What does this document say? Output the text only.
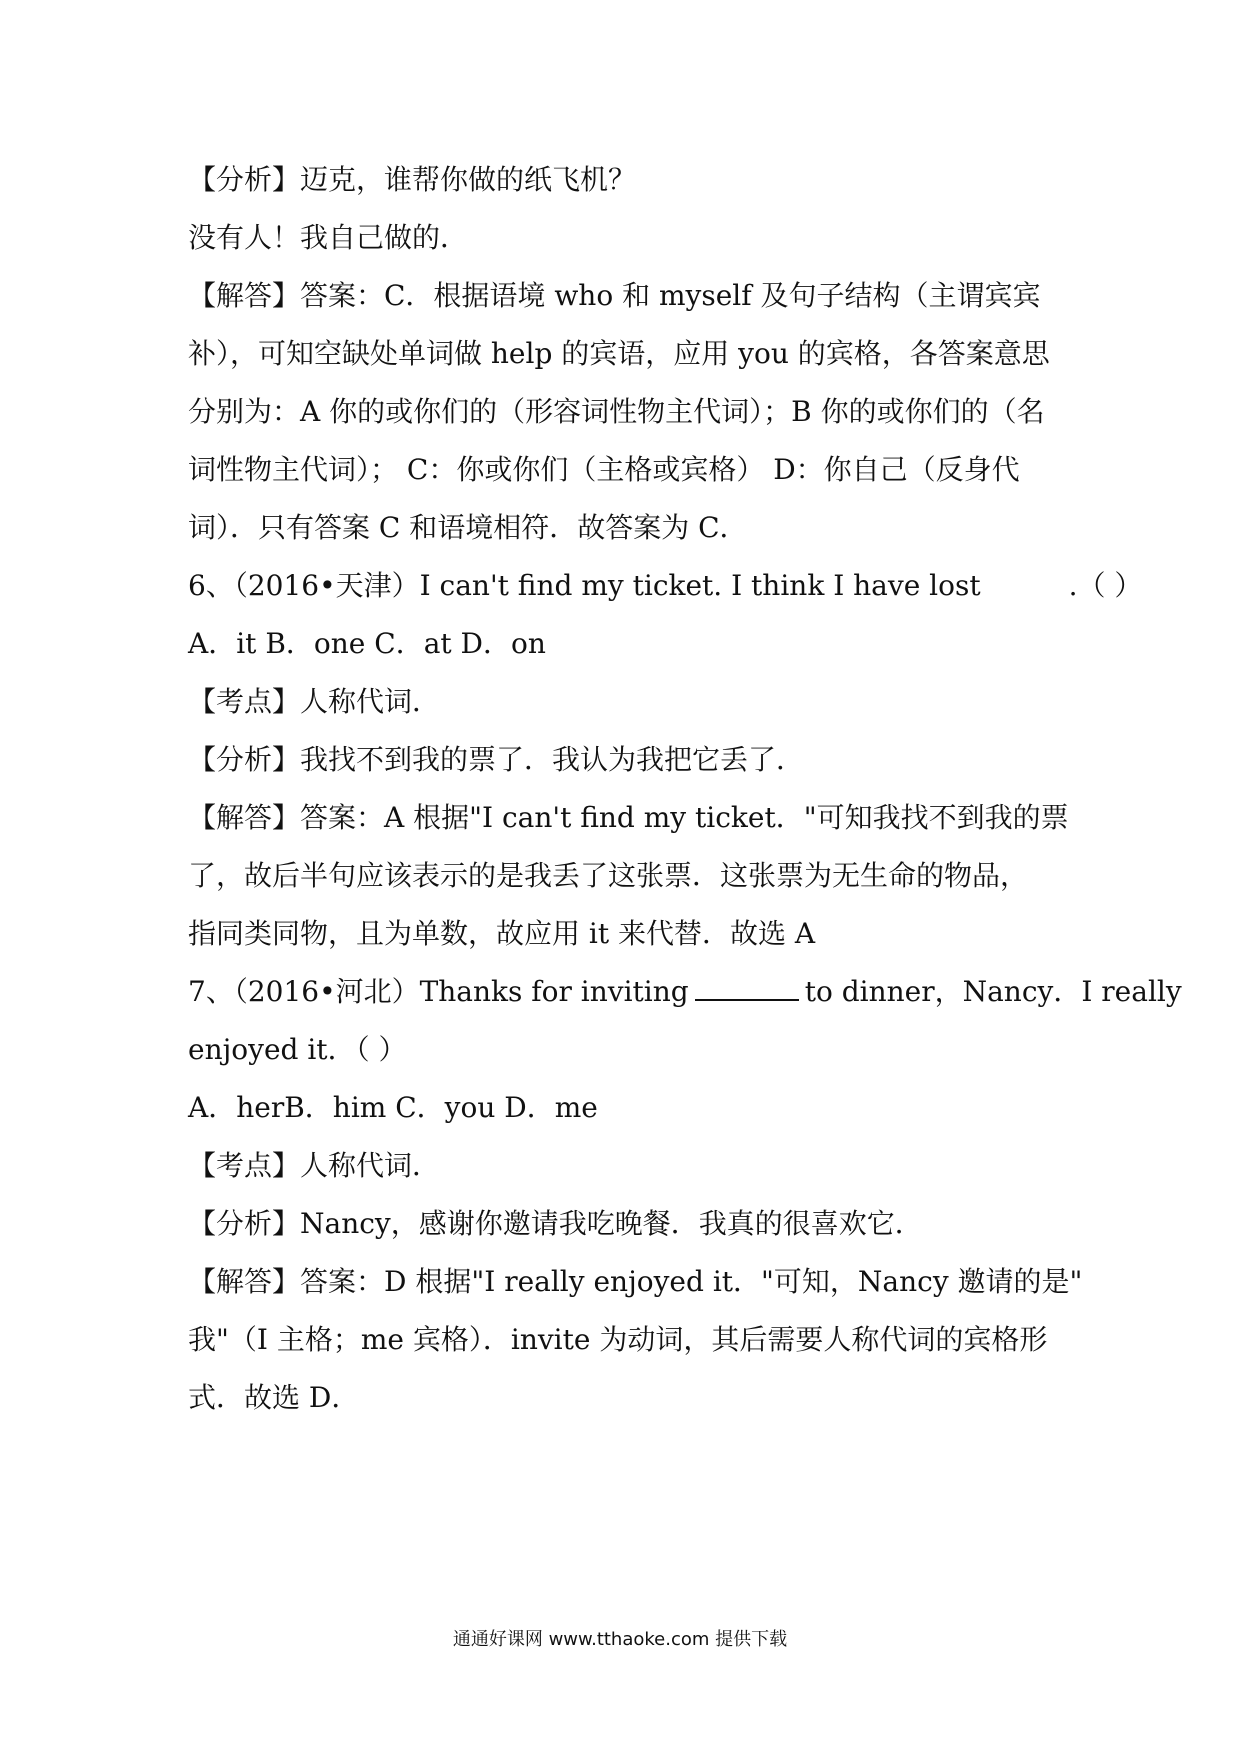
【分析】迈克，谁帮你做的纸飞机？
没有人！我自己做的．
【解答】答案：C．根据语境 who 和 myself 及句子结构（主谓宾宾
补），可知空缺处单词做 help 的宾语，应用 you 的宾格，各答案意思
分别为：A 你的或你们的（形容词性物主代词）；B 你的或你们的（名
词性物主代词）； C：你或你们（主格或宾格） D：你自己（反身代
词）．只有答案 C 和语境相符．故答案为 C．
6、（2016•天津）I can't find my ticket. I think I have lost	.（ ）
A．it B．one C．at D．on
【考点】人称代词．
【分析】我找不到我的票了．我认为我把它丢了．
【解答】答案：A 根据"I can't find my ticket．"可知我找不到我的票
了，故后半句应该表示的是我丢了这张票．这张票为无生命的物品，
指同类同物，且为单数，故应用 it 来代替．故选 A
7、（2016•河北）Thanks for inviting	to dinner，Nancy．I really
enjoyed it．（ ）
A．herB．him C．you D．me
【考点】人称代词．
【分析】Nancy，感谢你邀请我吃晚餐．我真的很喜欢它．
【解答】答案：D 根据"I really enjoyed it．"可知，Nancy 邀请的是"
我"（I 主格；me 宾格）．invite 为动词，其后需要人称代词的宾格形
式．故选 D．
通通好课网 www.tthaoke.com 提供下载
